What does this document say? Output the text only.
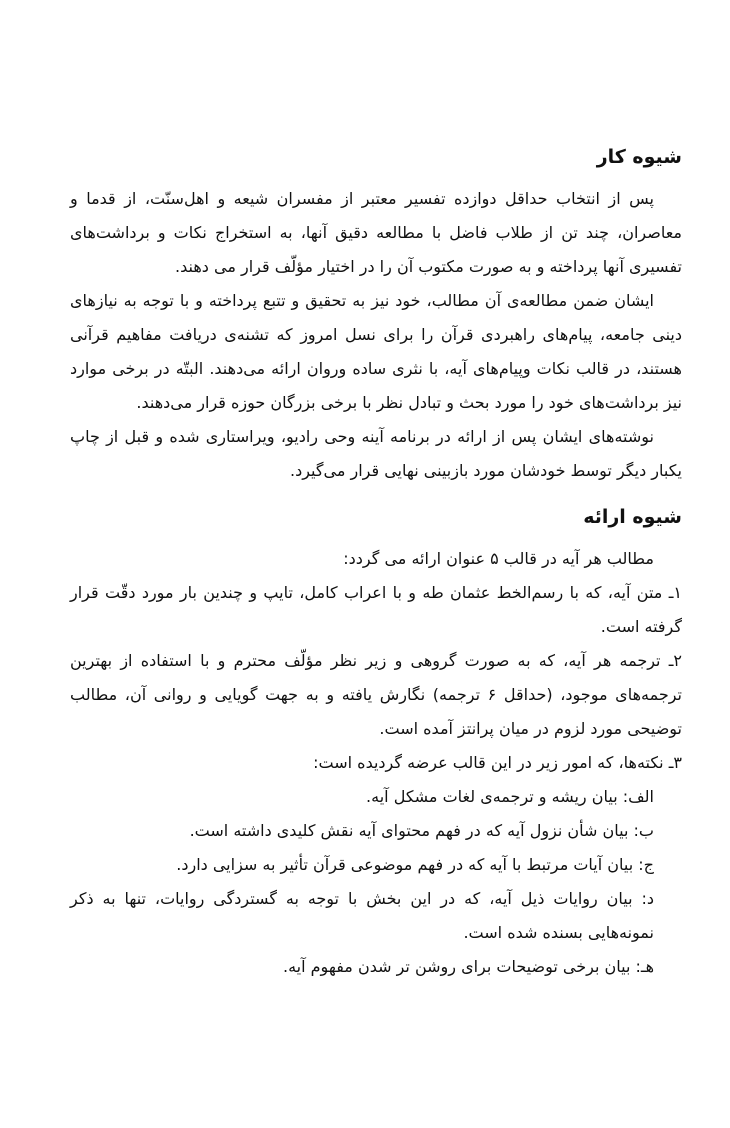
شیوه کار

پس از انتخاب حداقل دوازده تفسیر معتبر از مفسران شیعه و اهل‌سنّت، از قدما و معاصران، چند تن از طلاب فاضل با مطالعه دقیق آنها، به استخراج نکات و برداشت‌های تفسیری آنها پرداخته و به صورت مکتوب آن را در اختیار مؤلّف قرار می دهند.

ایشان ضمن مطالعه‌ی آن مطالب، خود نیز به تحقیق و تتبع پرداخته و با توجه به نیازهای دینی جامعه، پیام‌های راهبردی قرآن را برای نسل امروز که تشنه‌ی دریافت مفاهیم قرآنی هستند، در قالب نکات وپیام‌های آیه، با نثری ساده وروان ارائه می‌دهند. البتّه در برخی موارد نیز برداشت‌های خود را مورد بحث و تبادل نظر با برخی بزرگان حوزه قرار می‌دهند.

نوشته‌های ایشان پس از ارائه در برنامه آینه وحی رادیو، ویراستاری شده و قبل از چاپ یکبار دیگر توسط خودشان مورد بازبینی نهایی قرار می‌گیرد.

شیوه ارائه

مطالب هر آیه در قالب ۵ عنوان ارائه می گردد:

۱ـ متن آیه، که با رسم‌الخط عثمان طه و با اعراب کامل، تایپ و چندین بار مورد دقّت قرار گرفته است.

۲ـ ترجمه هر آیه، که به صورت گروهی و زیر نظر مؤلّف محترم و با استفاده از بهترین ترجمه‌های موجود، (حداقل ۶ ترجمه) نگارش یافته و به جهت گویایی و روانی آن، مطالب توضیحی مورد لزوم در میان پرانتز آمده است.

۳ـ نکته‌ها، که امور زیر در این قالب عرضه گردیده است:

الف: بیان ریشه و ترجمه‌ی لغات مشکل آیه.

ب: بیان شأن نزول آیه که در فهم محتوای آیه نقش کلیدی داشته است.

ج: بیان آیات مرتبط با آیه که در فهم موضوعی قرآن تأثیر به سزایی دارد.

د: بیان روایات ذیل آیه، که در این بخش با توجه به گستردگی روایات، تنها به ذکر نمونه‌هایی بسنده شده است.

هـ: بیان برخی توضیحات برای روشن تر شدن مفهوم آیه.
